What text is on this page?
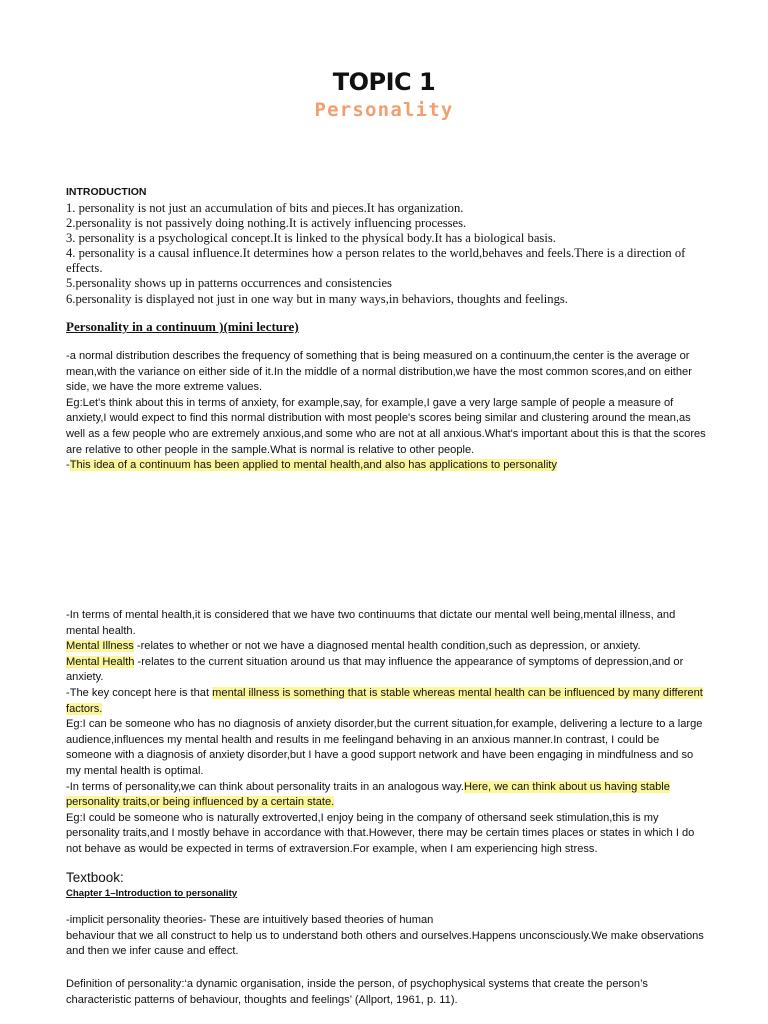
TOPIC 1
Personality
INTRODUCTION
1. personality is not just an accumulation of bits and pieces.It has organization.
2.personality is not passively doing nothing.It is actively influencing processes.
3. personality is a psychological concept.It is linked to the physical body.It has a biological basis.
4. personality is a causal influence.It determines how a person relates to the world,behaves and feels.There is a direction of effects.
5.personality shows up in patterns occurrences and consistencies
6.personality is displayed not just in one way but in many ways,in behaviors, thoughts and feelings.
Personality in a continuum )(mini lecture)
-a normal distribution describes the frequency of something that is being measured on a continuum,the center is the average or mean,with the variance on either side of it.In the middle of a normal distribution,we have the most common scores,and on either side, we have the more extreme values.
Eg:Let's think about this in terms of anxiety, for example,say, for example,I gave a very large sample of people a measure of anxiety,I would expect to find this normal distribution with most people's scores being similar and clustering around the mean,as well as a few people who are extremely anxious,and some who are not at all anxious.What's important about this is that the scores are relative to other people in the sample.What is normal is relative to other people.
-This idea of a continuum has been applied to mental health,and also has applications to personality
-In terms of mental health,it is considered that we have two continuums that dictate our mental well being,mental illness, and mental health.
Mental Illness -relates to whether or not we have a diagnosed mental health condition,such as depression, or anxiety.
Mental Health -relates to the current situation around us that may influence the appearance of symptoms of depression,and or anxiety.
-The key concept here is that mental illness is something that is stable whereas mental health can be influenced by many different factors.
Eg:I can be someone who has no diagnosis of anxiety disorder,but the current situation,for example, delivering a lecture to a large audience,influences my mental health and results in me feelingand behaving in an anxious manner.In contrast, I could be someone with a diagnosis of anxiety disorder,but I have a good support network and have been engaging in mindfulness and so my mental health is optimal.
-In terms of personality,we can think about personality traits in an analogous way.Here, we can think about us having stable personality traits,or being influenced by a certain state.
Eg:I could be someone who is naturally extroverted,I enjoy being in the company of othersand seek stimulation,this is my personality traits,and I mostly behave in accordance with that.However, there may be certain times places or states in which I do not behave as would be expected in terms of extraversion.For example, when I am experiencing high stress.
Textbook:
Chapter 1–Introduction to personality
-implicit personality theories- These are intuitively based theories of human
behaviour that we all construct to help us to understand both others and ourselves.Happens unconsciously.We make observations and then we infer cause and effect.
Definition of personality:‘a dynamic organisation, inside the person, of psychophysical systems that create the person’s characteristic patterns of behaviour, thoughts and feelings’ (Allport, 1961, p. 11).
